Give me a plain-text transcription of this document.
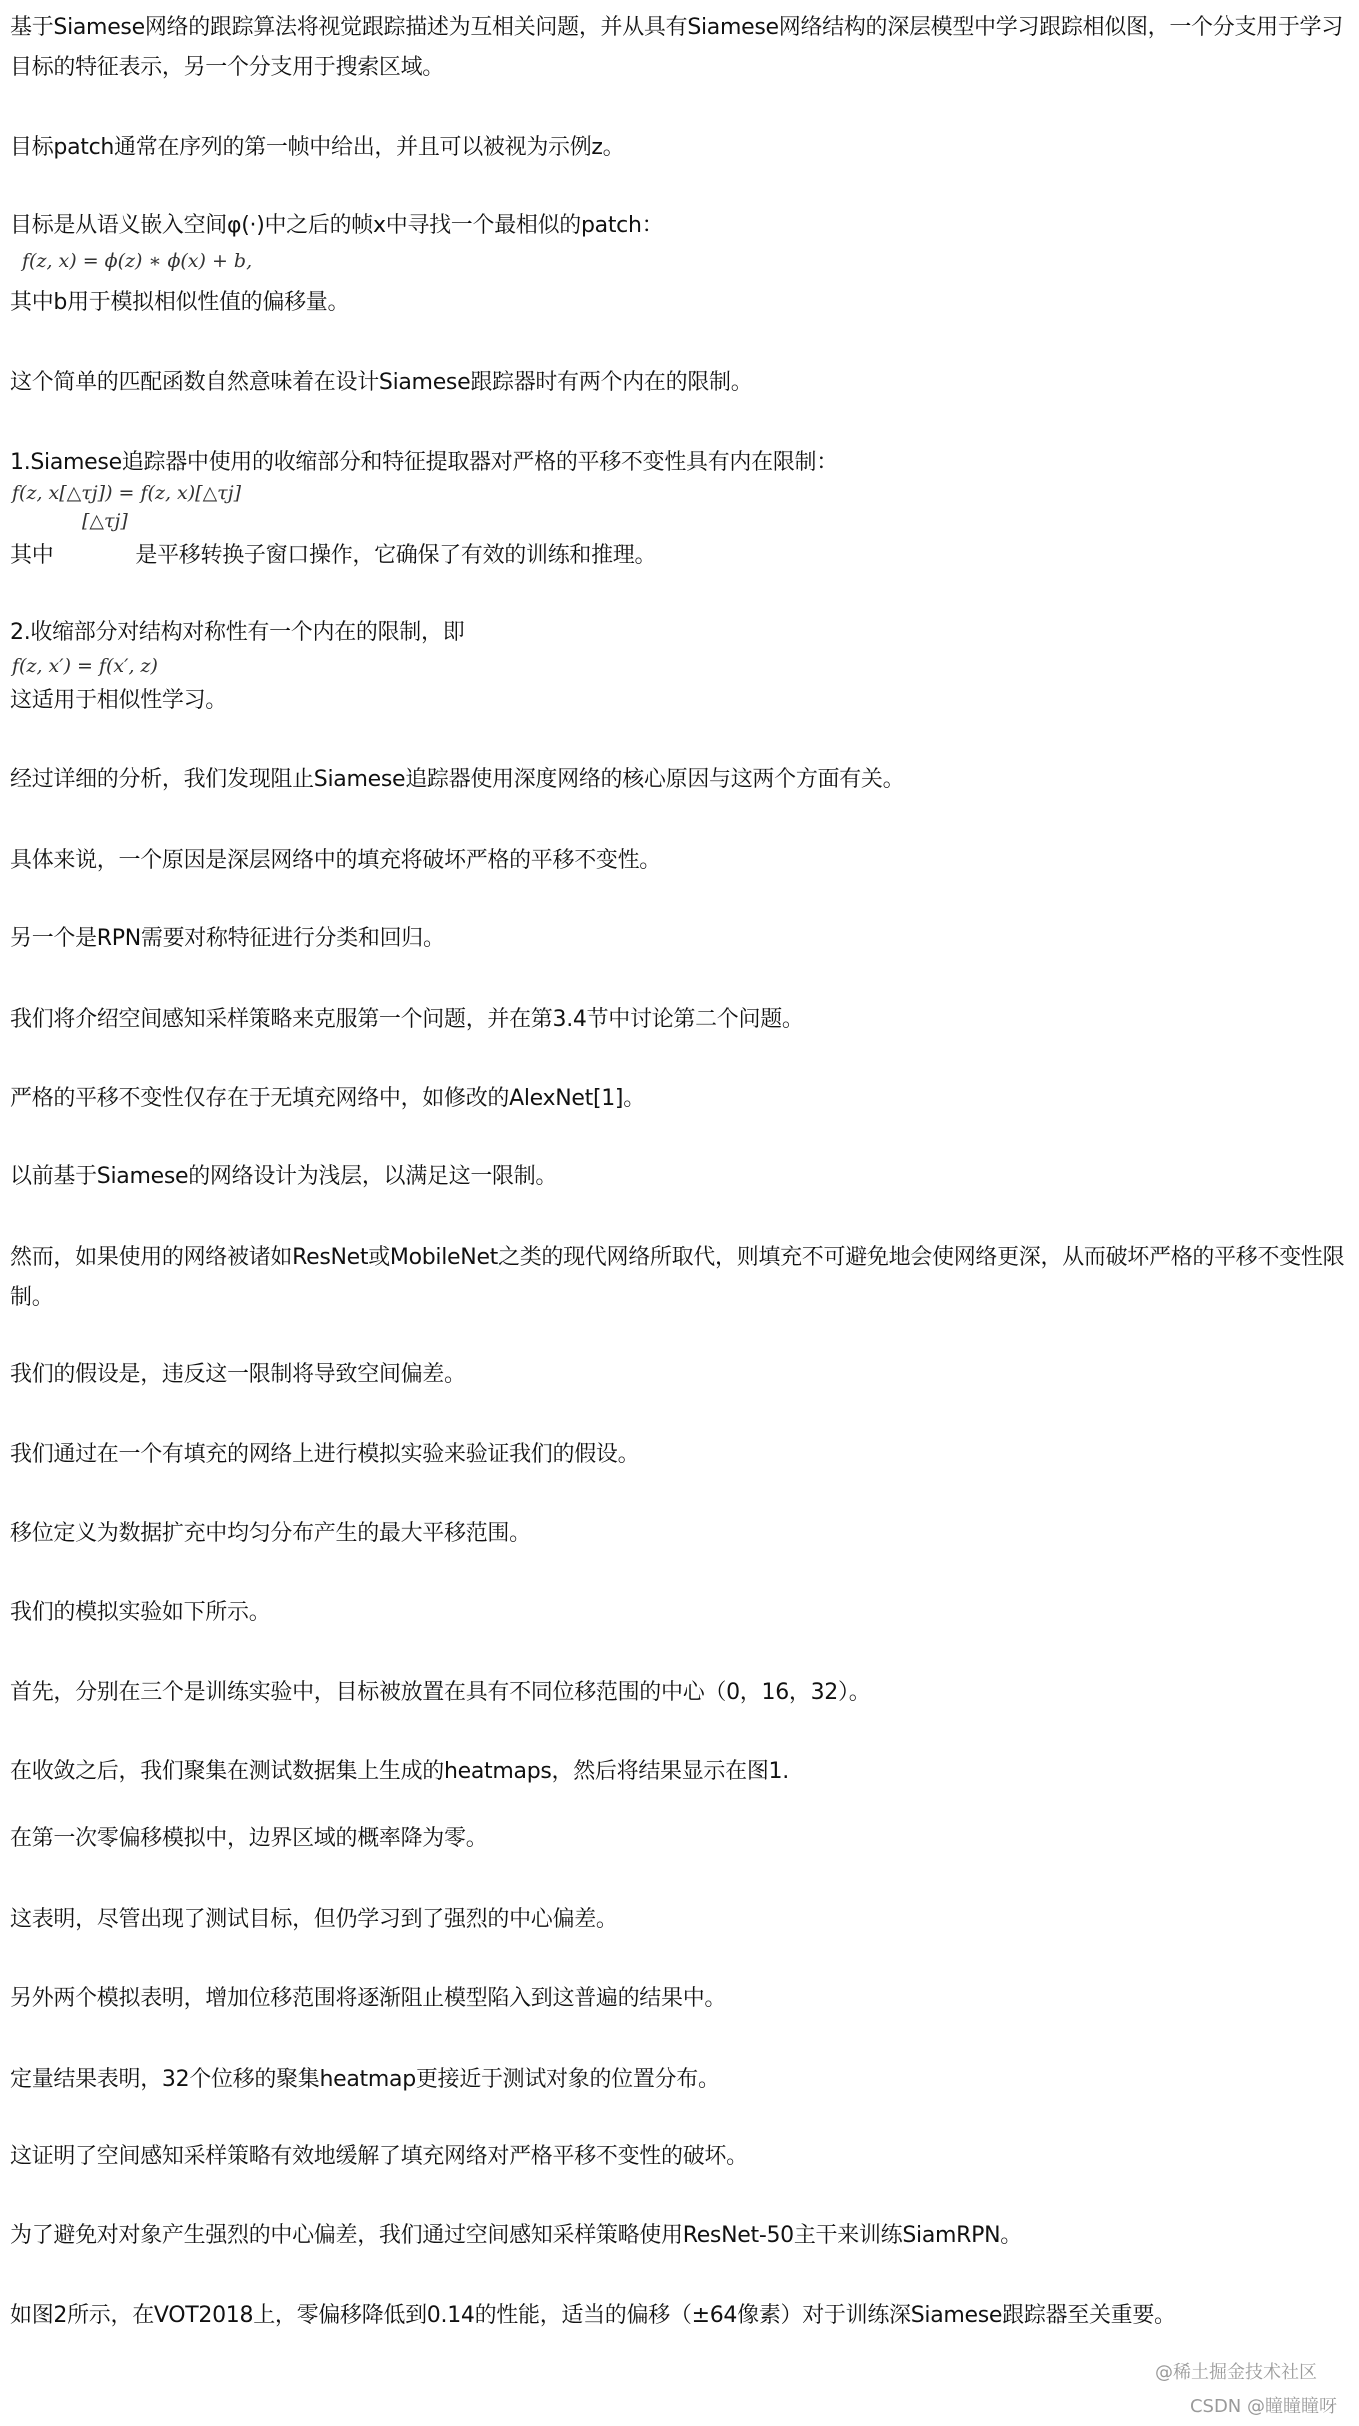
基于Siamese网络的跟踪算法将视觉跟踪描述为互相关问题，并从具有Siamese网络结构的深层模型中学习跟踪相似图，一个分支用于学习目标的特征表示，另一个分支用于搜索区域。
目标patch通常在序列的第一帧中给出，并且可以被视为示例z。
目标是从语义嵌入空间φ(·)中之后的帧x中寻找一个最相似的patch：
f(z, x) = ϕ(z) ∗ ϕ(x) + b,
其中b用于模拟相似性值的偏移量。
这个简单的匹配函数自然意味着在设计Siamese跟踪器时有两个内在的限制。
1.Siamese追踪器中使用的收缩部分和特征提取器对严格的平移不变性具有内在限制：
f(z, x[△τj]) = f(z, x)[△τj]
[△τj]
其中	是平移转换子窗口操作，它确保了有效的训练和推理。
2.收缩部分对结构对称性有一个内在的限制，即
f(z, x′) = f(x′, z)
这适用于相似性学习。
经过详细的分析，我们发现阻止Siamese追踪器使用深度网络的核心原因与这两个方面有关。
具体来说，一个原因是深层网络中的填充将破坏严格的平移不变性。
另一个是RPN需要对称特征进行分类和回归。
我们将介绍空间感知采样策略来克服第一个问题，并在第3.4节中讨论第二个问题。
严格的平移不变性仅存在于无填充网络中，如修改的AlexNet[1]。
以前基于Siamese的网络设计为浅层，以满足这一限制。
然而，如果使用的网络被诸如ResNet或MobileNet之类的现代网络所取代，则填充不可避免地会使网络更深，从而破坏严格的平移不变性限制。
我们的假设是，违反这一限制将导致空间偏差。
我们通过在一个有填充的网络上进行模拟实验来验证我们的假设。
移位定义为数据扩充中均匀分布产生的最大平移范围。
我们的模拟实验如下所示。
首先，分别在三个是训练实验中，目标被放置在具有不同位移范围的中心（0，16，32）。
在收敛之后，我们聚集在测试数据集上生成的heatmaps，然后将结果显示在图1.
在第一次零偏移模拟中，边界区域的概率降为零。
这表明，尽管出现了测试目标，但仍学习到了强烈的中心偏差。
另外两个模拟表明，增加位移范围将逐渐阻止模型陷入到这普遍的结果中。
定量结果表明，32个位移的聚集heatmap更接近于测试对象的位置分布。
这证明了空间感知采样策略有效地缓解了填充网络对严格平移不变性的破坏。
为了避免对对象产生强烈的中心偏差，我们通过空间感知采样策略使用ResNet-50主干来训练SiamRPN。
如图2所示，在VOT2018上，零偏移降低到0.14的性能，适当的偏移（±64像素）对于训练深Siamese跟踪器至关重要。
@稀土掘金技术社区
CSDN @瞳瞳瞳呀
